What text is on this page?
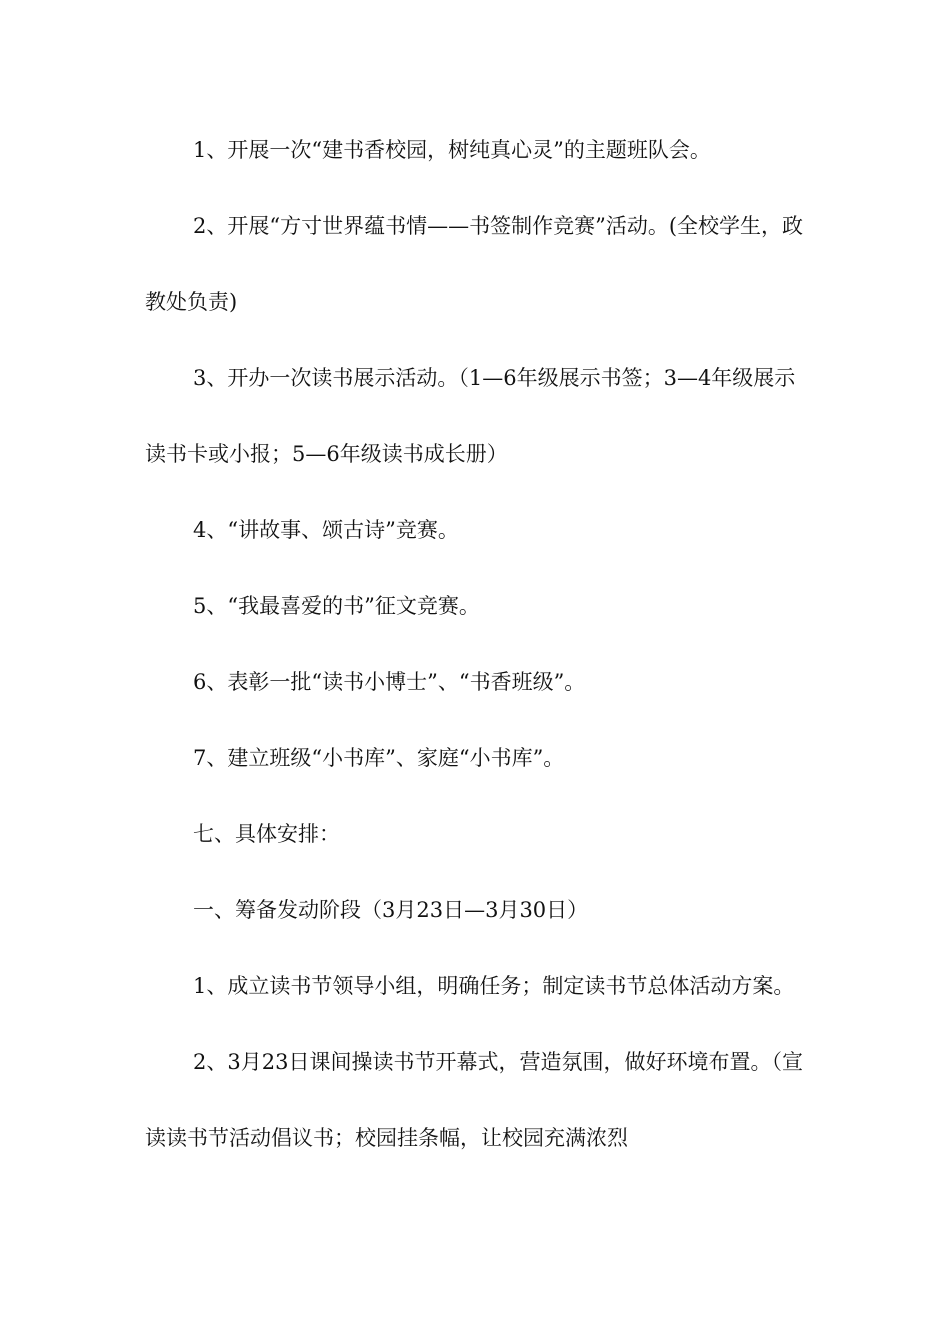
1、开展一次“建书香校园，树纯真心灵”的主题班队会。

2、开展“方寸世界蕴书情——书签制作竞赛”活动。(全校学生，政教处负责)

3、开办一次读书展示活动。（1—6年级展示书签；3—4年级展示读书卡或小报；5—6年级读书成长册）

4、“讲故事、颂古诗”竞赛。

5、“我最喜爱的书”征文竞赛。

6、表彰一批“读书小博士”、“书香班级”。

7、建立班级“小书库”、家庭“小书库”。

七、具体安排：

一、筹备发动阶段（3月23日—3月30日）

1、成立读书节领导小组，明确任务；制定读书节总体活动方案。

2、3月23日课间操读书节开幕式，营造氛围，做好环境布置。（宣读读书节活动倡议书；校园挂条幅，让校园充满浓烈
